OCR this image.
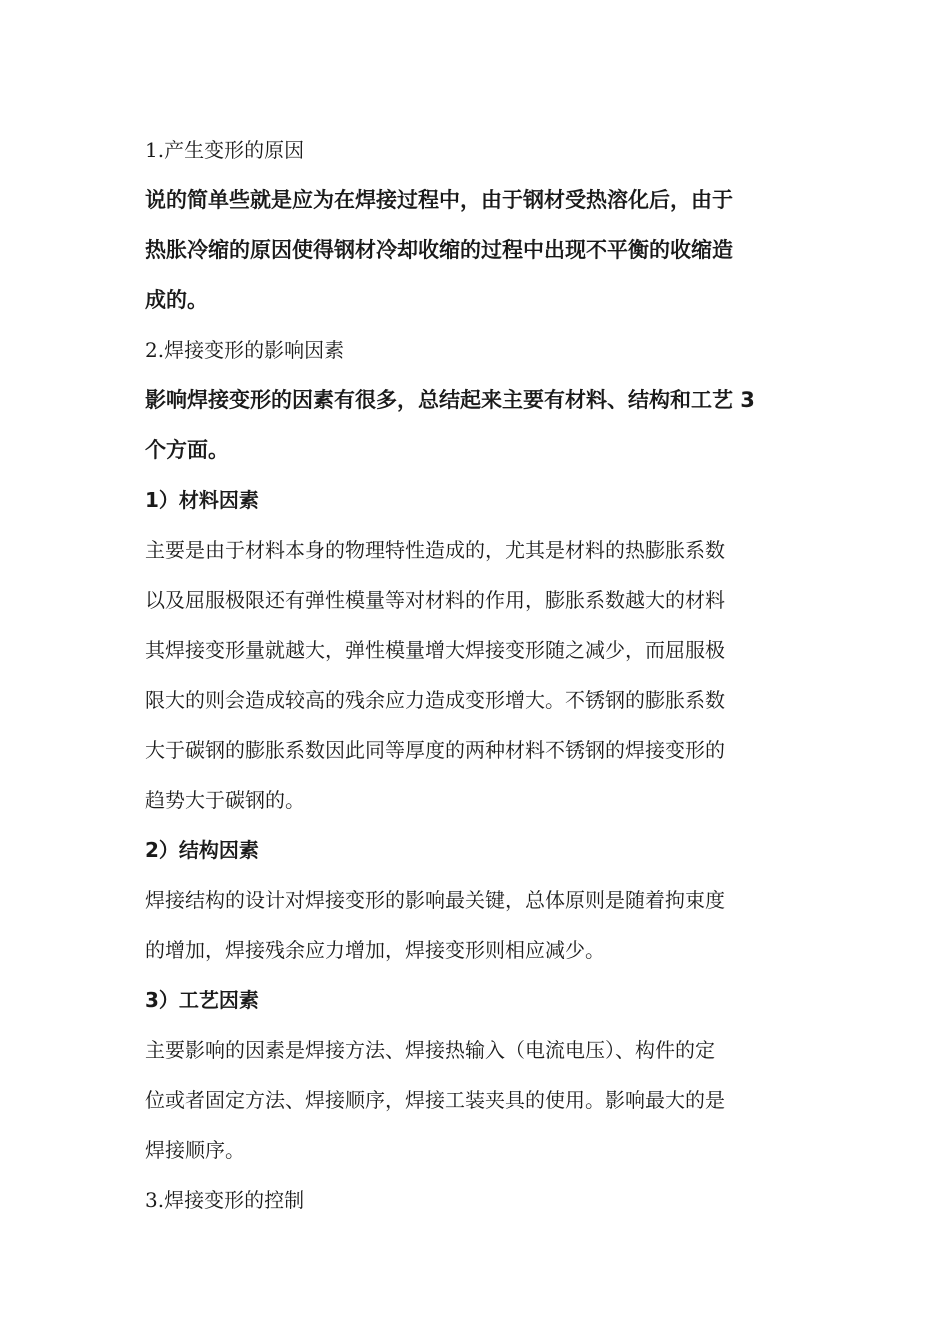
1.产生变形的原因

说的简单些就是应为在焊接过程中，由于钢材受热溶化后，由于
热胀冷缩的原因使得钢材冷却收缩的过程中出现不平衡的收缩造
成的。

2.焊接变形的影响因素

影响焊接变形的因素有很多，总结起来主要有材料、结构和工艺 3
个方面。

1）材料因素

主要是由于材料本身的物理特性造成的，尤其是材料的热膨胀系数
以及屈服极限还有弹性模量等对材料的作用，膨胀系数越大的材料
其焊接变形量就越大，弹性模量增大焊接变形随之减少，而屈服极
限大的则会造成较高的残余应力造成变形增大。不锈钢的膨胀系数
大于碳钢的膨胀系数因此同等厚度的两种材料不锈钢的焊接变形的
趋势大于碳钢的。

2）结构因素

焊接结构的设计对焊接变形的影响最关键，总体原则是随着拘束度
的增加，焊接残余应力增加，焊接变形则相应减少。

3）工艺因素

主要影响的因素是焊接方法、焊接热输入（电流电压）、构件的定
位或者固定方法、焊接顺序，焊接工装夹具的使用。影响最大的是
焊接顺序。

3.焊接变形的控制
